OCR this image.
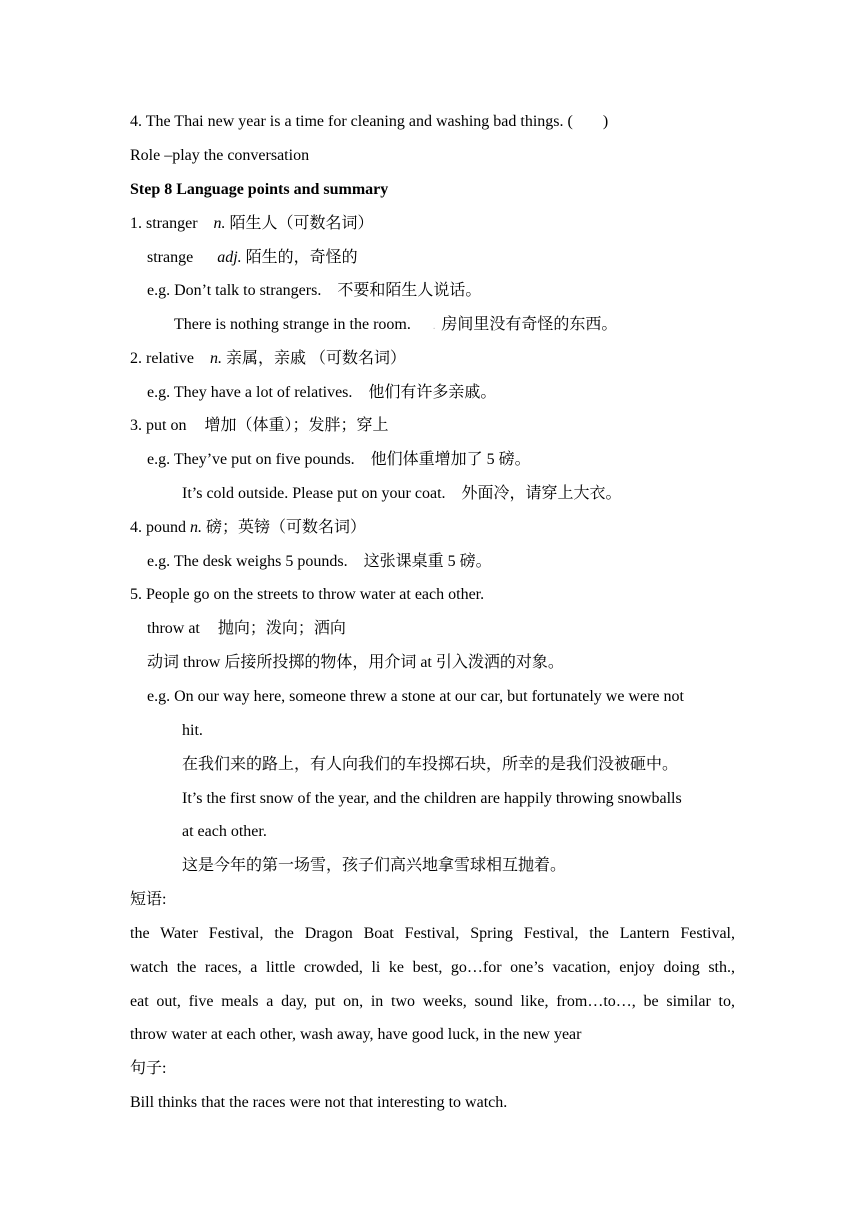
4. The Thai new year is a time for cleaning and washing bad things. ( )
Role –play the conversation
Step 8 Language points and summary
1. stranger n. 陌生人（可数名词）
strange adj. 陌生的，奇怪的
e.g. Don’t talk to strangers. 不要和陌生人说话。
There is nothing strange in the room. . 房间里没有奇怪的东西。
2. relative n. 亲属，亲戚 （可数名词）
e.g. They have a lot of relatives. 他们有许多亲戚。
3. put on 增加（体重）；发胖；穿上
e.g. They’ve put on five pounds. 他们体重增加了 5 磅。
It’s cold outside. Please put on your coat. 外面冷，请穿上大衣。
4. pound n. 磅；英镑（可数名词）
e.g. The desk weighs 5 pounds. 这张课桌重 5 磅。
5. People go on the streets to throw water at each other.
throw at 抛向；泼向；洒向
动词 throw 后接所投掷的物体，用介词 at 引入泼洒的对象。
e.g. On our way here, someone threw a stone at our car, but fortunately we were not
hit.
在我们来的路上，有人向我们的车投掷石块，所幸的是我们没被砸中。
It’s the first snow of the year, and the children are happily throwing snowballs
at each other.
这是今年的第一场雪，孩子们高兴地拿雪球相互抛着。
短语:
the Water Festival, the Dragon Boat Festival, Spring Festival, the Lantern Festival,
watch the races, a little crowded, li ke best, go…for one’s vacation, enjoy doing sth.,
eat out, five meals a day, put on, in two weeks, sound like, from…to…, be similar to,
throw water at each other, wash away, have good luck, in the new year
句子:
Bill thinks that the races were not that interesting to watch.
